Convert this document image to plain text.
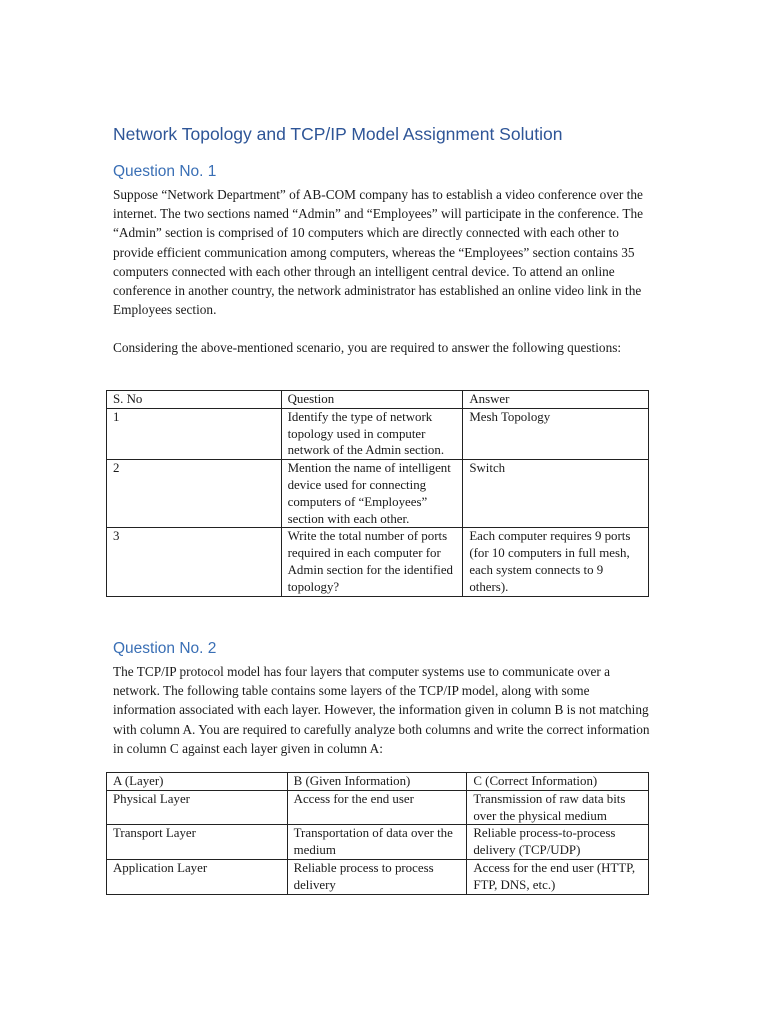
Network Topology and TCP/IP Model Assignment Solution
Question No. 1

Suppose “Network Department” of AB-COM company has to establish a video conference over the internet. The two sections named “Admin” and “Employees” will participate in the conference. The “Admin” section is comprised of 10 computers which are directly connected with each other to provide efficient communication among computers, whereas the “Employees” section contains 35 computers connected with each other through an intelligent central device. To attend an online conference in another country, the network administrator has established an online video link in the Employees section.

Considering the above-mentioned scenario, you are required to answer the following questions:

S. No	Question	Answer
1	Identify the type of network topology used in computer network of the Admin section.	Mesh Topology
2	Mention the name of intelligent device used for connecting computers of “Employees” section with each other.	Switch
3	Write the total number of ports required in each computer for Admin section for the identified topology?	Each computer requires 9 ports (for 10 computers in full mesh, each system connects to 9 others).
Question No. 2

The TCP/IP protocol model has four layers that computer systems use to communicate over a network. The following table contains some layers of the TCP/IP model, along with some information associated with each layer. However, the information given in column B is not matching with column A. You are required to carefully analyze both columns and write the correct information in column C against each layer given in column A:

A (Layer)	B (Given Information)	C (Correct Information)
Physical Layer	Access for the end user	Transmission of raw data bits over the physical medium
Transport Layer	Transportation of data over the medium	Reliable process-to-process delivery (TCP/UDP)
Application Layer	Reliable process to process delivery	Access for the end user (HTTP, FTP, DNS, etc.)
